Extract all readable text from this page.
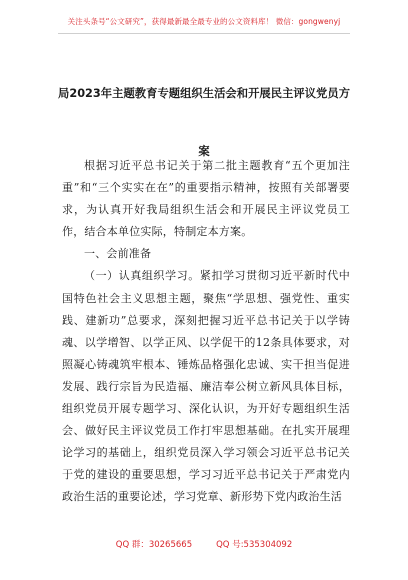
关注头条号“公文研究”，获得最新最全最专业的公文资料库！ 微信：gongwenyj
局2023年主题教育专题组织生活会和开展民主评议党员方案

根据习近平总书记关于第二批主题教育“五个更加注重”和“三个实实在在”的重要指示精神，按照有关部署要求，为认真开好我局组织生活会和开展民主评议党员工作，结合本单位实际，特制定本方案。

一、会前准备

（一）认真组织学习。紧扣学习贯彻习近平新时代中国特色社会主义思想主题，聚焦“学思想、强党性、重实践、建新功”总要求，深刻把握习近平总书记关于以学铸魂、以学增智、以学正风、以学促干的12条具体要求，对照凝心铸魂筑牢根本、锤炼品格强化忠诚、实干担当促进发展、践行宗旨为民造福、廉洁奉公树立新风具体目标，组织党员开展专题学习、深化认识，为开好专题组织生活会、做好民主评议党员工作打牢思想基础。在扎实开展理论学习的基础上，组织党员深入学习领会习近平总书记关于党的建设的重要思想，学习习近平总书记关于严肃党内政治生活的重要论述，学习党章、新形势下党内政治生活

QQ 群：30265665	QQ 号:535304092
